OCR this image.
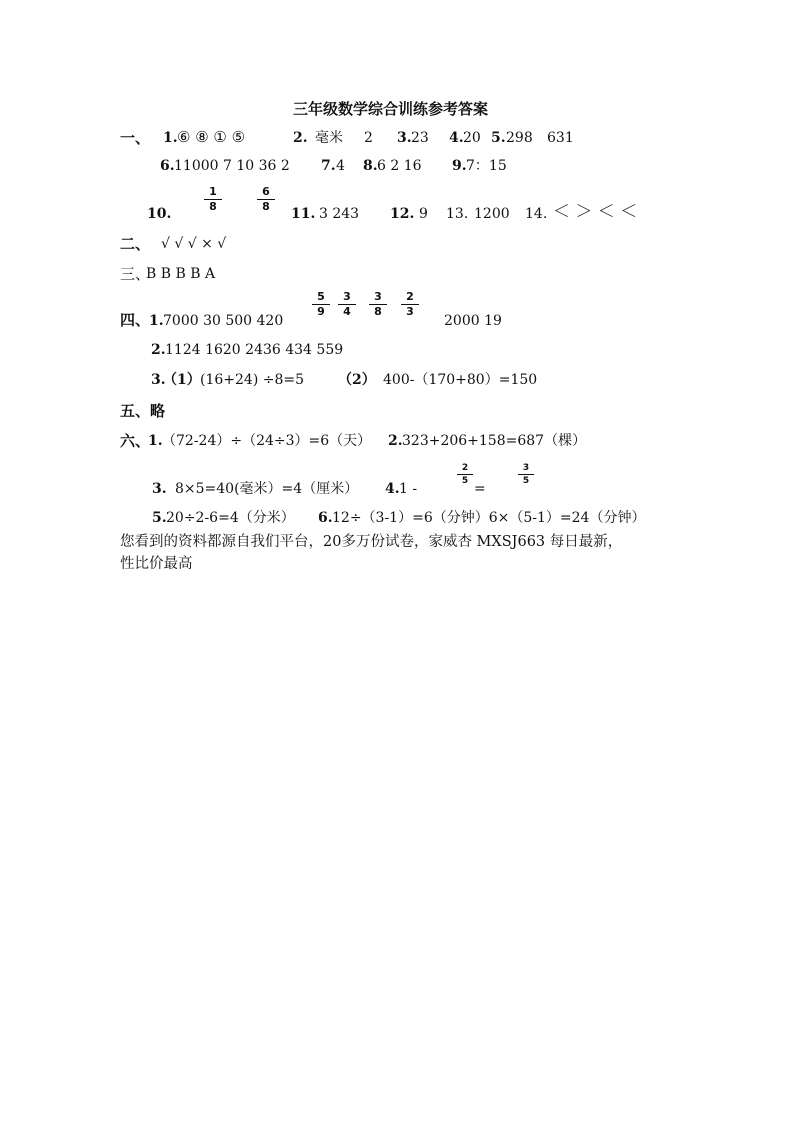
三年级数学综合训练参考答案
一、 1. ⑥ ⑧ ① ⑤	2. 毫米 2 3. 23 4. 20 5. 298 631
6. 11000 7 10 36 2 7. 4 8. 6 2 16 9. 7：15
10.
$\frac{1}{8}$	$\frac{6}{8}$
11. 3 243 12. 9 13. 1200 14. ＜ ＞ ＜ ＜
二、 √ √ √ × √
三、
B B B B A
四、
1. 7000 30 500 420
$\frac{5}{9} \frac{3}{4} \frac{3}{8} \frac{2}{3}$
2000 19
2. 1124 1620 2436 434 559
3.
（1） (16+24) ÷8=5 （2） 400-（170+80）=150
五、略
六、
1. （72-24）÷（24÷3）=6（天） 2. 323+206+158=687（棵）
3. 8×5=40(毫米）=4（厘米） 4. 1 -
$\frac{2}{5}$
=
$\frac{3}{5}$
5. 20÷2-6=4（分米） 6. 12÷（3-1）=6（分钟）6×（5-1）=24（分钟）
您看到的资料都源自我们平台，20多万份试卷，家威杏 MXSJ663 每日最新，
性比价最高
